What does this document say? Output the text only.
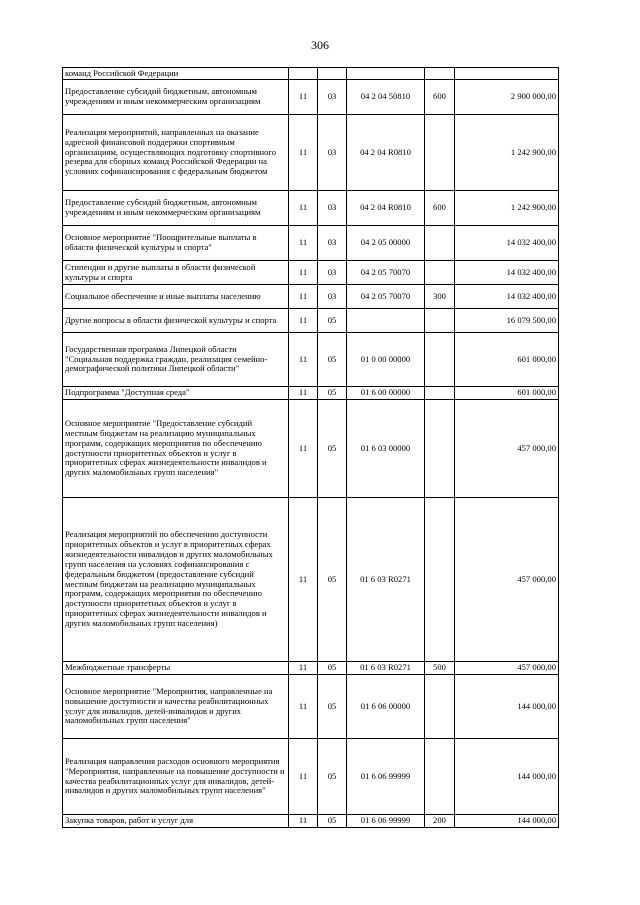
306
команд Российской Федерации					
Предоставление субсидий бюджетным, автономным учреждениям и иным некоммерческим организациям	11	03	04 2 04 50810	600	2 900 000,00
Реализация мероприятий, направленных на оказание адресной финансовой поддержки спортивным организациям, осуществляющих подготовку спортивного резерва для сборных команд Российской Федерации на условиях софинансирования с федеральным бюджетом	11	03	04 2 04 R0810		1 242 900,00
Предоставление субсидий бюджетным, автономным учреждениям и иным некоммерческим организациям	11	03	04 2 04 R0810	600	1 242 900,00
Основное мероприятие "Поощрительные выплаты в области физической культуры и спорта"	11	03	04 2 05 00000		14 032 400,00
Стипендии и другие выплаты в области физической культуры и спорта	11	03	04 2 05 70070		14 032 400,00
Социальное обеспечение и иные выплаты населению	11	03	04 2 05 70070	300	14 032 400,00
Другие вопросы в области физической культуры и спорта	11	05			16 079 500,00
Государственная программа Липецкой области "Социальная поддержка граждан, реализация семейно-демографической политики Липецкой области"	11	05	01 0 00 00000		601 000,00
Подпрограмма "Доступная среда"	11	05	01 6 00 00000		601 000,00
Основное мероприятие "Предоставление субсидий местным бюджетам на реализацию муниципальных программ, содержащих мероприятия по обеспечению доступности приоритетных объектов и услуг в приоритетных сферах жизнедеятельности инвалидов и других маломобильных групп населения"	11	05	01 6 03 00000		457 000,00
Реализация мероприятий по обеспечению доступности приоритетных объектов и услуг в приоритетных сферах жизнедеятельности инвалидов и других маломобильных групп населения на условиях софинансирования с федеральным бюджетом (предоставление субсидий местным бюджетам на реализацию муниципальных программ, содержащих мероприятия по обеспечению доступности приоритетных объектов и услуг в приоритетных сферах жизнедеятельности инвалидов и других маломобильных групп населения)	11	05	01 6 03 R0271		457 000,00
Межбюджетные трансферты	11	05	01 6 03 R0271	500	457 000,00
Основное мероприятие "Мероприятия, направленные на повышение доступности и качества реабилитационных услуг для инвалидов, детей-инвалидов и других маломобильных групп населения"	11	05	01 6 06 00000		144 000,00
Реализация направления расходов основного мероприятия "Мероприятия, направленные на повышение доступности и качества реабилитационных услуг для инвалидов, детей-инвалидов и других маломобильных групп населения"	11	05	01 6 06 99999		144 000,00
Закупка товаров, работ и услуг для	11	05	01 6 06 99999	200	144 000,00
